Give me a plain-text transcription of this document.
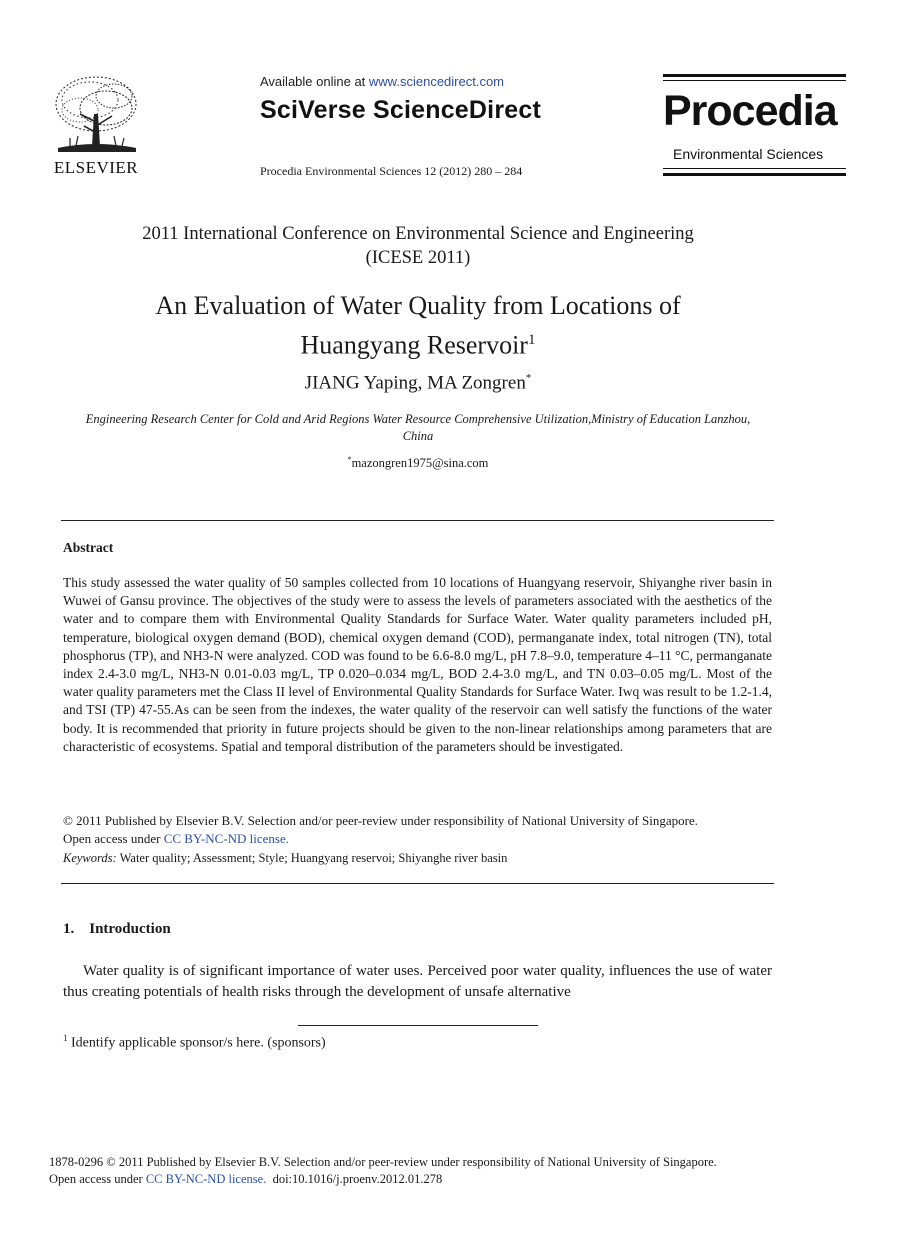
ELSEVIER
Available online at www.sciencedirect.com
SciVerse ScienceDirect
Procedia Environmental Sciences 12 (2012) 280 – 284
Procedia
Environmental Sciences
2011 International Conference on Environmental Science and Engineering
(ICESE 2011)
An Evaluation of Water Quality from Locations of
Huangyang Reservoir$^1$
JIANG Yaping, MA Zongren*
Engineering Research Center for Cold and Arid Regions Water Resource Comprehensive Utilization,Ministry of Education Lanzhou,
China
*mazongren1975@sina.com
Abstract
This study assessed the water quality of 50 samples collected from 10 locations of Huangyang reservoir, Shiyanghe river basin in Wuwei of Gansu province. The objectives of the study were to assess the levels of parameters associated with the aesthetics of the water and to compare them with Environmental Quality Standards for Surface Water. Water quality parameters included pH, temperature, biological oxygen demand (BOD), chemical oxygen demand (COD), permanganate index, total nitrogen (TN), total phosphorus (TP), and NH3-N were analyzed. COD was found to be 6.6-8.0 mg/L, pH 7.8–9.0, temperature 4–11 °C, permanganate index 2.4-3.0 mg/L, NH3-N 0.01-0.03 mg/L, TP 0.020–0.034 mg/L, BOD 2.4-3.0 mg/L, and TN 0.03–0.05 mg/L. Most of the water quality parameters met the Class II level of Environmental Quality Standards for Surface Water. Iwq was result to be 1.2-1.4, and TSI (TP) 47-55.As can be seen from the indexes, the water quality of the reservoir can well satisfy the functions of the water body. It is recommended that priority in future projects should be given to the non-linear relationships among parameters that are characteristic of ecosystems. Spatial and temporal distribution of the parameters should be investigated.
© 2011 Published by Elsevier B.V. Selection and/or peer-review under responsibility of National University of Singapore.
Open access under CC BY-NC-ND license.
Keywords: Water quality; Assessment; Style; Huangyang reservoi; Shiyanghe river basin
1.    Introduction
Water quality is of significant importance of water uses. Perceived poor water quality, influences the use of water thus creating potentials of health risks through the development of unsafe alternative
$^1$ Identify applicable sponsor/s here. (sponsors)
1878-0296 © 2011 Published by Elsevier B.V. Selection and/or peer-review under responsibility of National University of Singapore.
Open access under CC BY-NC-ND license.  doi:10.1016/j.proenv.2012.01.278
